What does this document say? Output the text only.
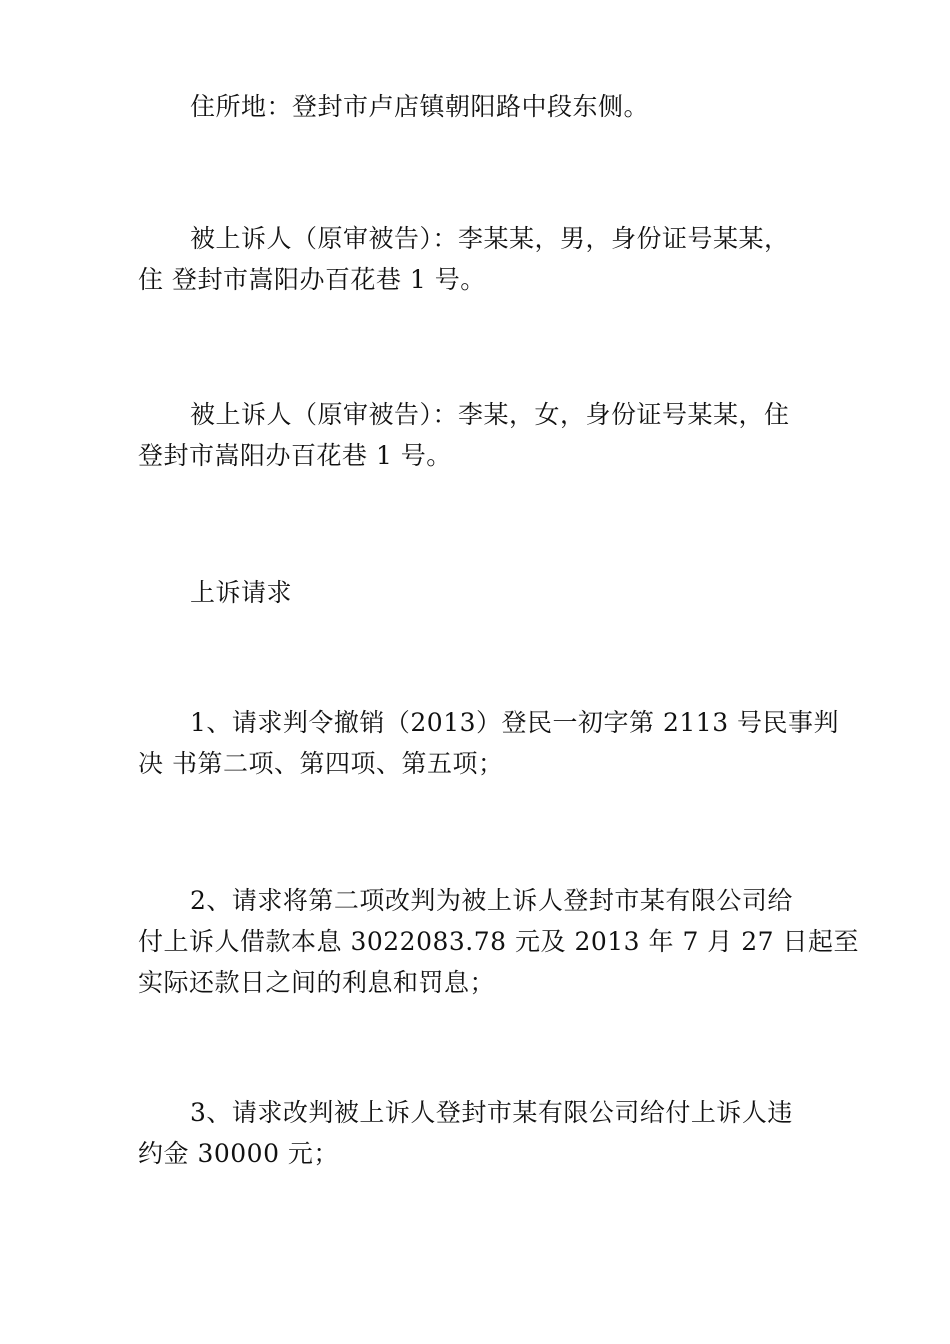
住所地：登封市卢店镇朝阳路中段东侧。
被上诉人（原审被告）：李某某，男，身份证号某某，
住 登封市嵩阳办百花巷 1 号。
被上诉人（原审被告）：李某，女，身份证号某某，住
登封市嵩阳办百花巷 1 号。
上诉请求
1、请求判令撤销（2013）登民一初字第 2113 号民事判
决 书第二项、第四项、第五项；
2、请求将第二项改判为被上诉人登封市某有限公司给
付上诉人借款本息 3022083.78 元及 2013 年 7 月 27 日起至
实际还款日之间的利息和罚息；
3、请求改判被上诉人登封市某有限公司给付上诉人违
约金 30000 元；
